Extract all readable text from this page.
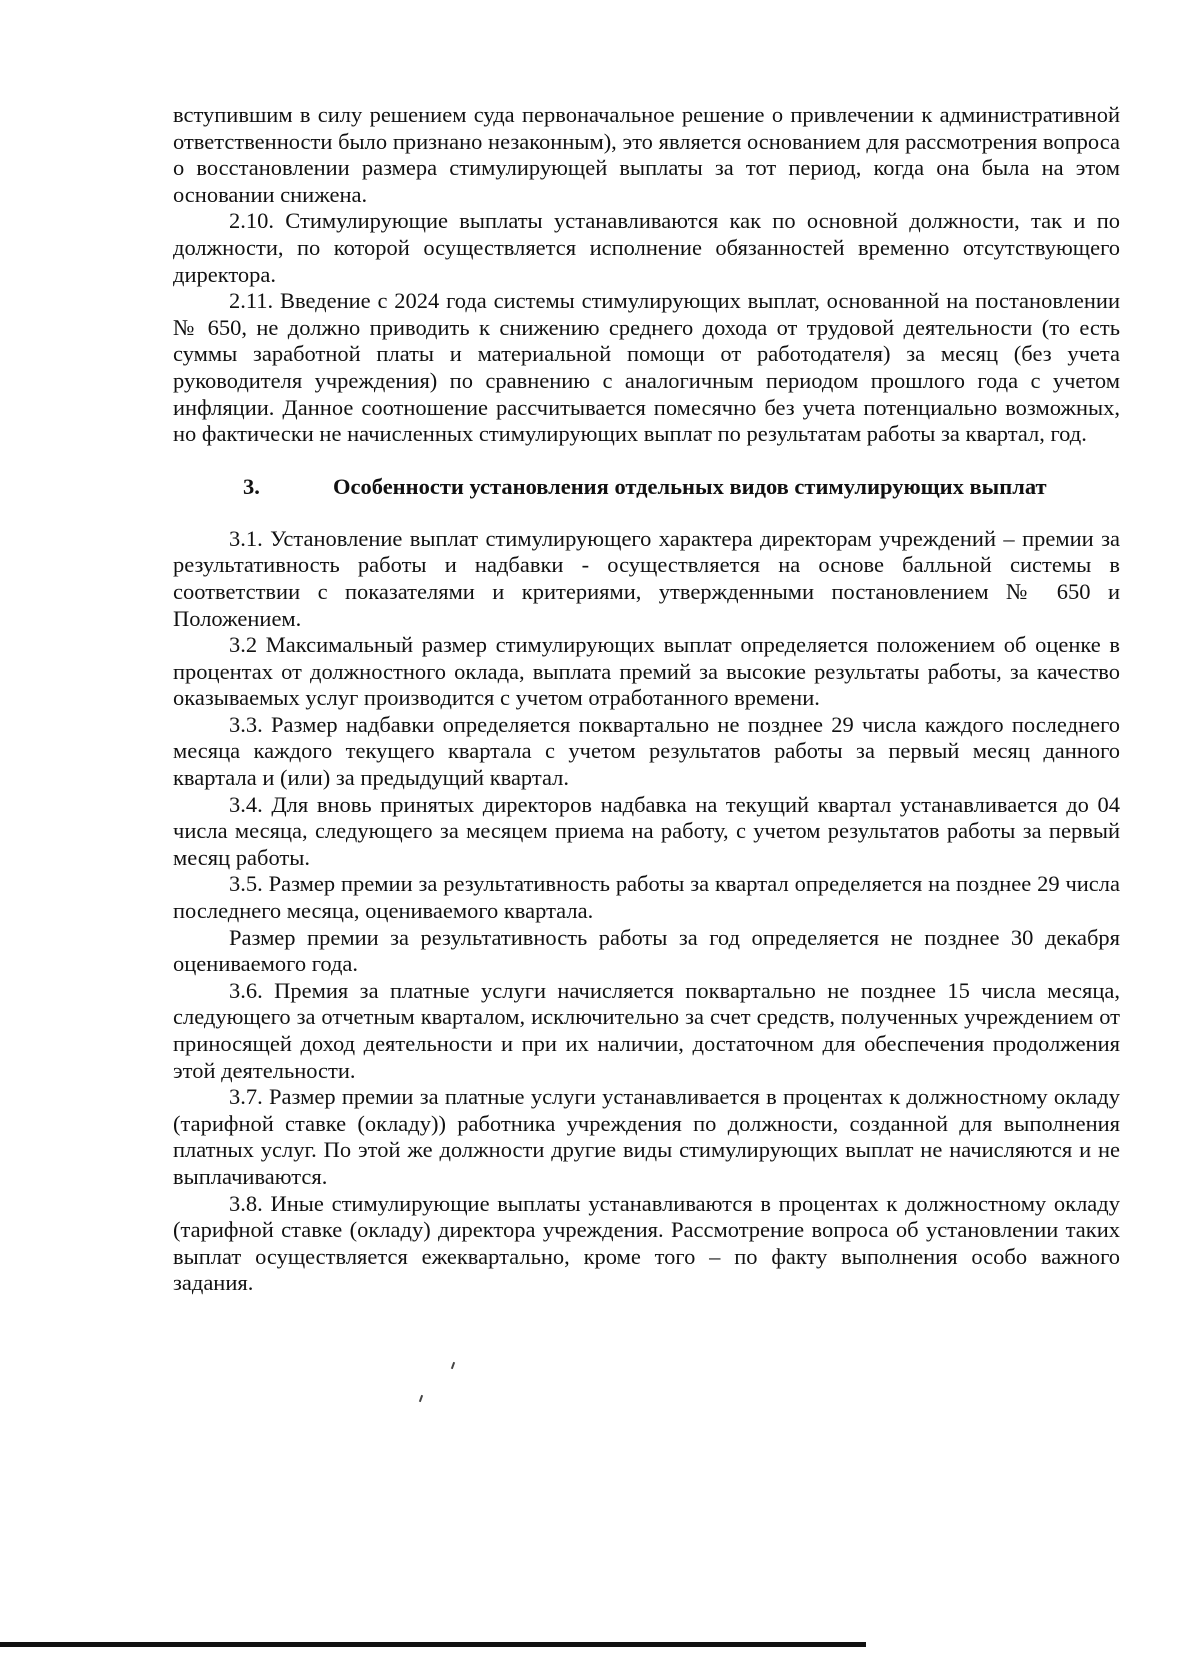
вступившим в силу решением суда первоначальное решение о привлечении к административной ответственности было признано незаконным), это является основанием для рассмотрения вопроса о восстановлении размера стимулирующей выплаты за тот период, когда она была на этом основании снижена.

2.10. Стимулирующие выплаты устанавливаются как по основной должности, так и по должности, по которой осуществляется исполнение обязанностей временно отсутствующего директора.

2.11. Введение с 2024 года системы стимулирующих выплат, основанной на постановлении № 650, не должно приводить к снижению среднего дохода от трудовой деятельности (то есть суммы заработной платы и материальной помощи от работодателя) за месяц (без учета руководителя учреждения) по сравнению с аналогичным периодом прошлого года с учетом инфляции. Данное соотношение рассчитывается помесячно без учета потенциально возможных, но фактически не начисленных стимулирующих выплат по результатам работы за квартал, год.

3.	Особенности установления отдельных видов стимулирующих выплат

3.1. Установление выплат стимулирующего характера директорам учреждений – премии за результативность работы и надбавки - осуществляется на основе балльной системы в соответствии с показателями и критериями, утвержденными постановлением № 650 и Положением.

3.2 Максимальный размер стимулирующих выплат определяется положением об оценке в процентах от должностного оклада, выплата премий за высокие результаты работы, за качество оказываемых услуг производится с учетом отработанного времени.

3.3. Размер надбавки определяется поквартально не позднее 29 числа каждого последнего месяца каждого текущего квартала с учетом результатов работы за первый месяц данного квартала и (или) за предыдущий квартал.

3.4. Для вновь принятых директоров надбавка на текущий квартал устанавливается до 04 числа месяца, следующего за месяцем приема на работу, с учетом результатов работы за первый месяц работы.

3.5. Размер премии за результативность работы за квартал определяется на позднее 29 числа последнего месяца, оцениваемого квартала.

Размер премии за результативность работы за год определяется не позднее 30 декабря оцениваемого года.

3.6. Премия за платные услуги начисляется поквартально не позднее 15 числа месяца, следующего за отчетным кварталом, исключительно за счет средств, полученных учреждением от приносящей доход деятельности и при их наличии, достаточном для обеспечения продолжения этой деятельности.

3.7. Размер премии за платные услуги устанавливается в процентах к должностному окладу (тарифной ставке (окладу)) работника учреждения по должности, созданной для выполнения платных услуг. По этой же должности другие виды стимулирующих выплат не начисляются и не выплачиваются.

3.8. Иные стимулирующие выплаты устанавливаются в процентах к должностному окладу (тарифной ставке (окладу) директора учреждения. Рассмотрение вопроса об установлении таких выплат осуществляется ежеквартально, кроме того – по факту выполнения особо важного задания.
